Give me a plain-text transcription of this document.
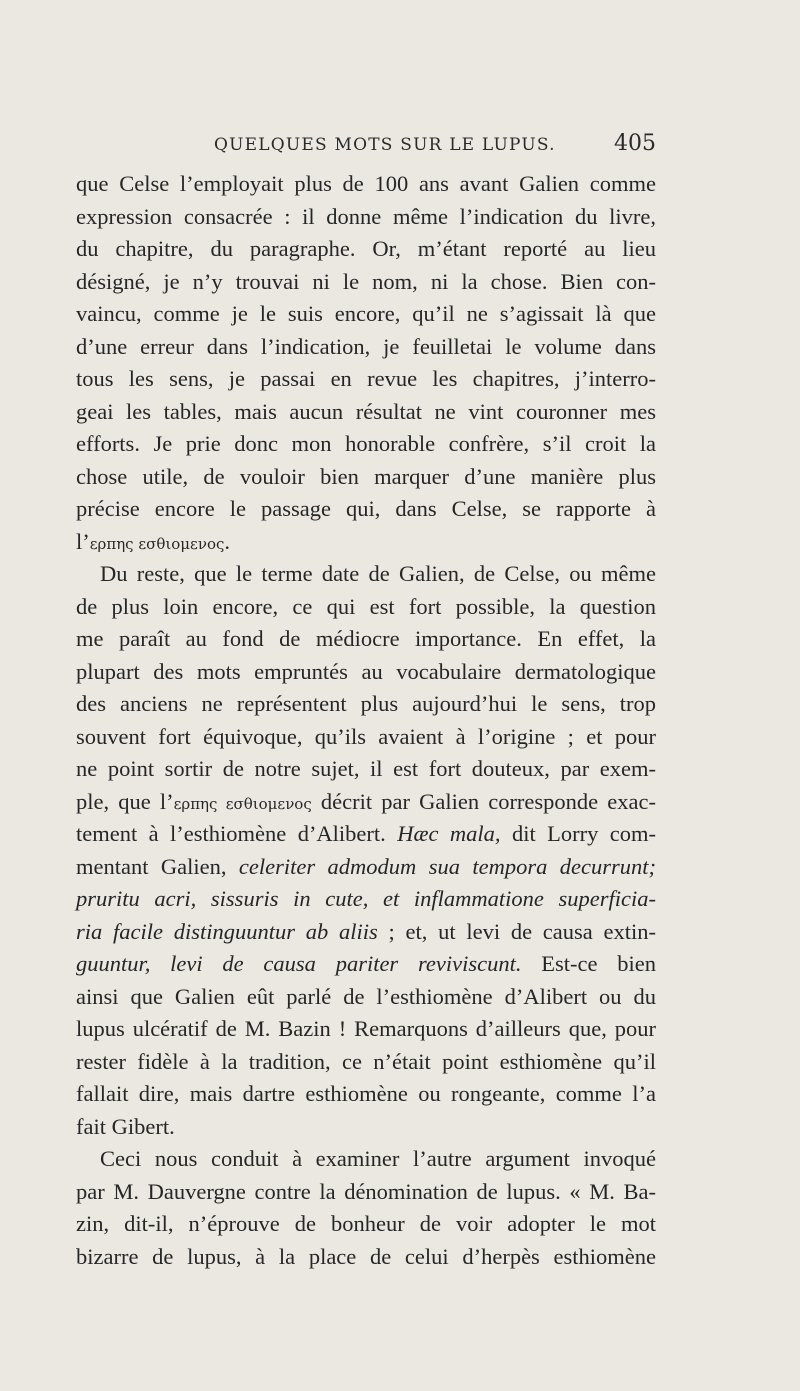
QUELQUES MOTS SUR LE LUPUS.	405
que Celse l’employait plus de 100 ans avant Galien comme
expression consacrée : il donne même l’indication du livre,
du chapitre, du paragraphe. Or, m’étant reporté au lieu
désigné, je n’y trouvai ni le nom, ni la chose. Bien con-
vaincu, comme je le suis encore, qu’il ne s’agissait là que
d’une erreur dans l’indication, je feuilletai le volume dans
tous les sens, je passai en revue les chapitres, j’interro-
geai les tables, mais aucun résultat ne vint couronner mes
efforts. Je prie donc mon honorable confrère, s’il croit la
chose utile, de vouloir bien marquer d’une manière plus
précise encore le passage qui, dans Celse, se rapporte à
l’ερπης εσθιομενος.
Du reste, que le terme date de Galien, de Celse, ou même
de plus loin encore, ce qui est fort possible, la question
me paraît au fond de médiocre importance. En effet, la
plupart des mots empruntés au vocabulaire dermatologique
des anciens ne représentent plus aujourd’hui le sens, trop
souvent fort équivoque, qu’ils avaient à l’origine ; et pour
ne point sortir de notre sujet, il est fort douteux, par exem-
ple, que l’ερπης εσθιομενος décrit par Galien corresponde exac-
tement à l’esthiomène d’Alibert. Hæc mala, dit Lorry com-
mentant Galien, celeriter admodum sua tempora decurrunt;
pruritu acri, sissuris in cute, et inflammatione superficia-
ria facile distinguuntur ab aliis ; et, ut levi de causa extin-
guuntur, levi de causa pariter reviviscunt. Est-ce bien
ainsi que Galien eût parlé de l’esthiomène d’Alibert ou du
lupus ulcératif de M. Bazin ! Remarquons d’ailleurs que, pour
rester fidèle à la tradition, ce n’était point esthiomène qu’il
fallait dire, mais dartre esthiomène ou rongeante, comme l’a
fait Gibert.
Ceci nous conduit à examiner l’autre argument invoqué
par M. Dauvergne contre la dénomination de lupus. « M. Ba-
zin, dit-il, n’éprouve de bonheur de voir adopter le mot
bizarre de lupus, à la place de celui d’herpès esthiomène
